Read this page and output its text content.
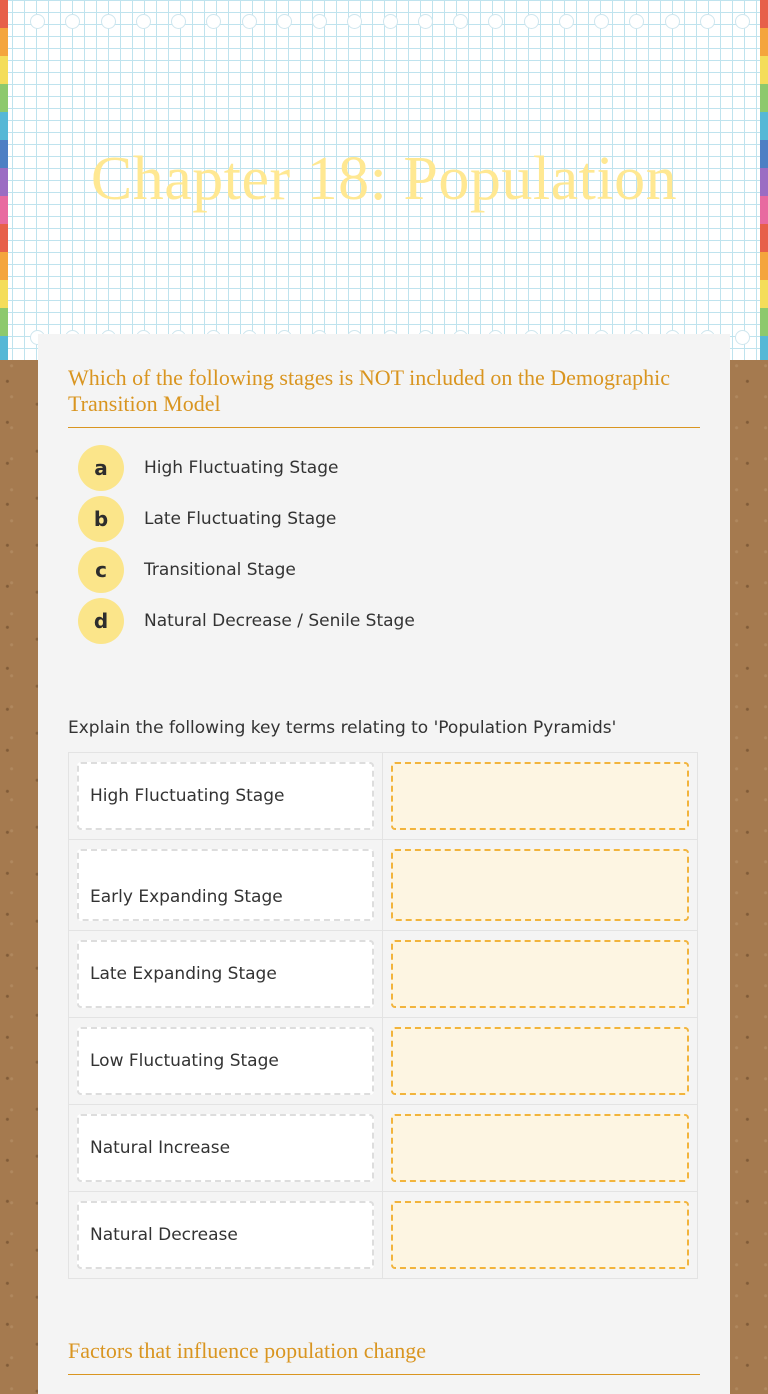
Chapter 18: Population
Which of the following stages is NOT included on the Demographic Transition Model
a	High Fluctuating Stage
b	Late Fluctuating Stage
c	Transitional Stage
d	Natural Decrease / Senile Stage

Explain the following key terms relating to 'Population Pyramids'

High Fluctuating Stage
Early Expanding Stage
Late Expanding Stage
Low Fluctuating Stage
Natural Increase
Natural Decrease
Factors that influence population change
